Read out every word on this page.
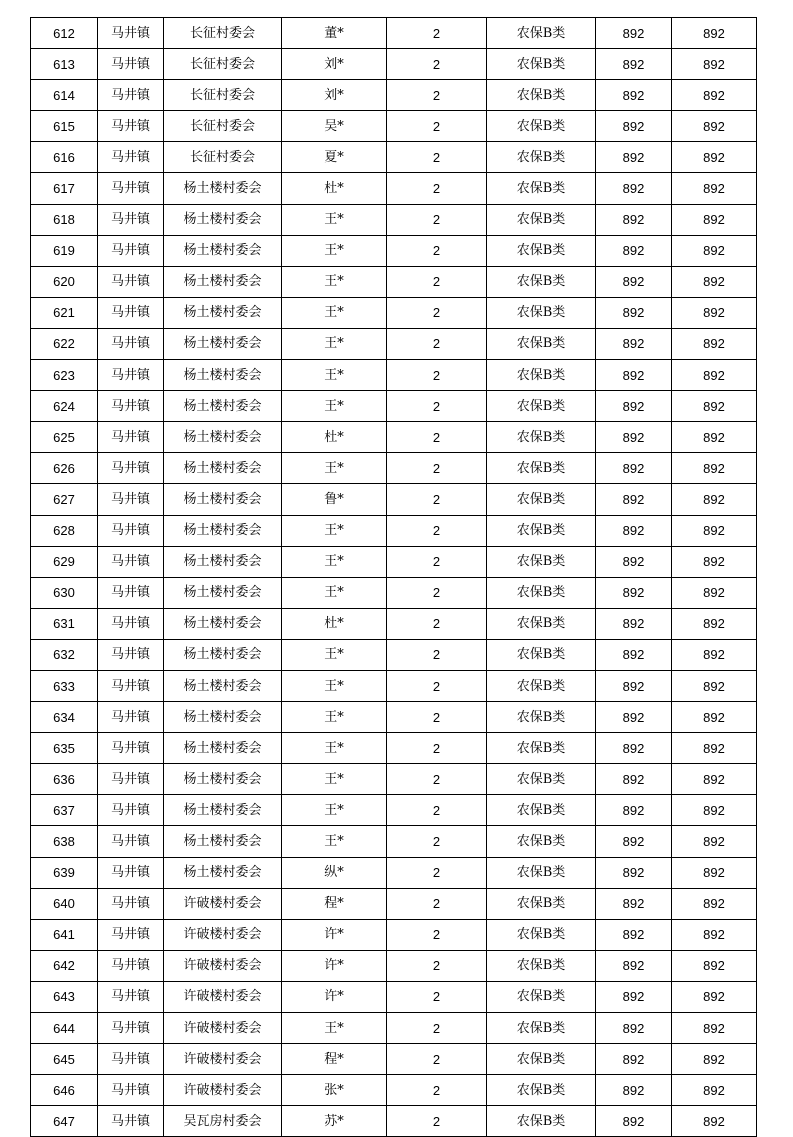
612	马井镇	长征村委会	董*	2	农保B类	892	892
613	马井镇	长征村委会	刘*	2	农保B类	892	892
614	马井镇	长征村委会	刘*	2	农保B类	892	892
615	马井镇	长征村委会	吴*	2	农保B类	892	892
616	马井镇	长征村委会	夏*	2	农保B类	892	892
617	马井镇	杨土楼村委会	杜*	2	农保B类	892	892
618	马井镇	杨土楼村委会	王*	2	农保B类	892	892
619	马井镇	杨土楼村委会	王*	2	农保B类	892	892
620	马井镇	杨土楼村委会	王*	2	农保B类	892	892
621	马井镇	杨土楼村委会	王*	2	农保B类	892	892
622	马井镇	杨土楼村委会	王*	2	农保B类	892	892
623	马井镇	杨土楼村委会	王*	2	农保B类	892	892
624	马井镇	杨土楼村委会	王*	2	农保B类	892	892
625	马井镇	杨土楼村委会	杜*	2	农保B类	892	892
626	马井镇	杨土楼村委会	王*	2	农保B类	892	892
627	马井镇	杨土楼村委会	鲁*	2	农保B类	892	892
628	马井镇	杨土楼村委会	王*	2	农保B类	892	892
629	马井镇	杨土楼村委会	王*	2	农保B类	892	892
630	马井镇	杨土楼村委会	王*	2	农保B类	892	892
631	马井镇	杨土楼村委会	杜*	2	农保B类	892	892
632	马井镇	杨土楼村委会	王*	2	农保B类	892	892
633	马井镇	杨土楼村委会	王*	2	农保B类	892	892
634	马井镇	杨土楼村委会	王*	2	农保B类	892	892
635	马井镇	杨土楼村委会	王*	2	农保B类	892	892
636	马井镇	杨土楼村委会	王*	2	农保B类	892	892
637	马井镇	杨土楼村委会	王*	2	农保B类	892	892
638	马井镇	杨土楼村委会	王*	2	农保B类	892	892
639	马井镇	杨土楼村委会	纵*	2	农保B类	892	892
640	马井镇	许破楼村委会	程*	2	农保B类	892	892
641	马井镇	许破楼村委会	许*	2	农保B类	892	892
642	马井镇	许破楼村委会	许*	2	农保B类	892	892
643	马井镇	许破楼村委会	许*	2	农保B类	892	892
644	马井镇	许破楼村委会	王*	2	农保B类	892	892
645	马井镇	许破楼村委会	程*	2	农保B类	892	892
646	马井镇	许破楼村委会	张*	2	农保B类	892	892
647	马井镇	吴瓦房村委会	苏*	2	农保B类	892	892
